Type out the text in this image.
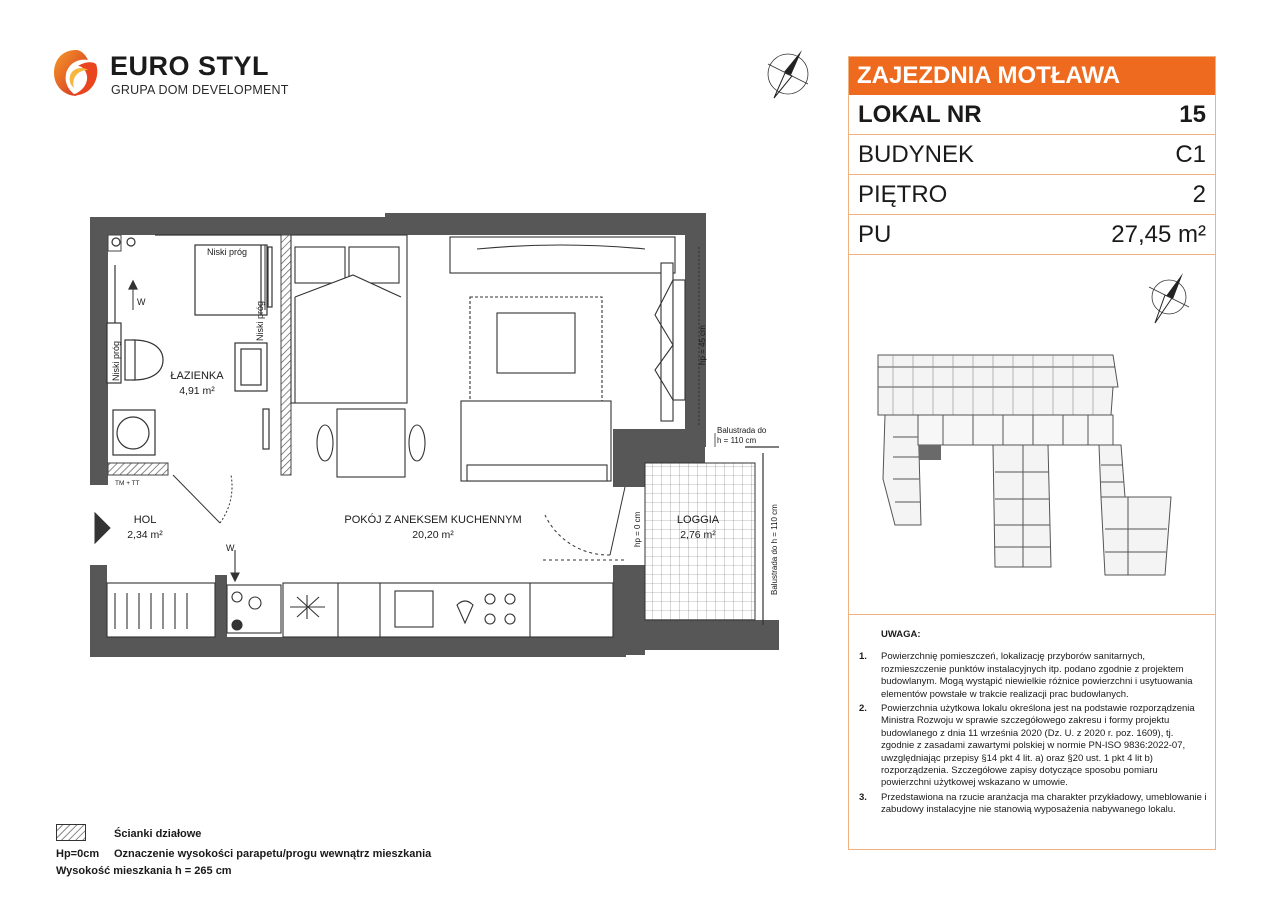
EURO STYL
GRUPA DOM DEVELOPMENT
ZAJEZDNIA MOTŁAWA
LOKAL NR	15
BUDYNEK	C1
PIĘTRO	2
PU	27,45 m²
UWAGA:
1. Powierzchnię pomieszczeń, lokalizację przyborów sanitarnych, rozmieszczenie punktów instalacyjnych itp. podano zgodnie z projektem budowlanym. Mogą wystąpić niewielkie różnice powierzchni i usytuowania elementów powstałe w trakcie realizacji prac budowlanych.
2. Powierzchnia użytkowa lokalu określona jest na podstawie rozporządzenia Ministra Rozwoju w sprawie szczegółowego zakresu i formy projektu budowlanego z dnia 11 września 2020 (Dz. U. z 2020 r. poz. 1609), tj. zgodnie z zasadami zawartymi polskiej w normie PN-ISO 9836:2022-07, uwzględniając przepisy §14 pkt 4 lit. a) oraz §20 ust. 1 pkt 4 lit b) rozporządzenia. Szczegółowe zapisy dotyczące sposobu pomiaru powierzchni użytkowej wskazano w umowie.
3. Przedstawiona na rzucie aranżacja ma charakter przykładowy, umeblowanie i zabudowy instalacyjne nie stanowią wyposażenia nabywanego lokalu.
Niski próg
Niski próg
Niski próg
W
W
TM + TT
ŁAZIENKA
4,91 m²
HOL
2,34 m²
POKÓJ Z ANEKSEM KUCHENNYM
20,20 m²
LOGGIA
2,76 m²
hp = 45 cm
hp = 0 cm
Balustrada do
h = 110 cm
Balustrada do h = 110 cm
Ścianki działowe
Hp=0cm Oznaczenie wysokości parapetu/progu wewnątrz mieszkania
Wysokość mieszkania h = 265 cm
